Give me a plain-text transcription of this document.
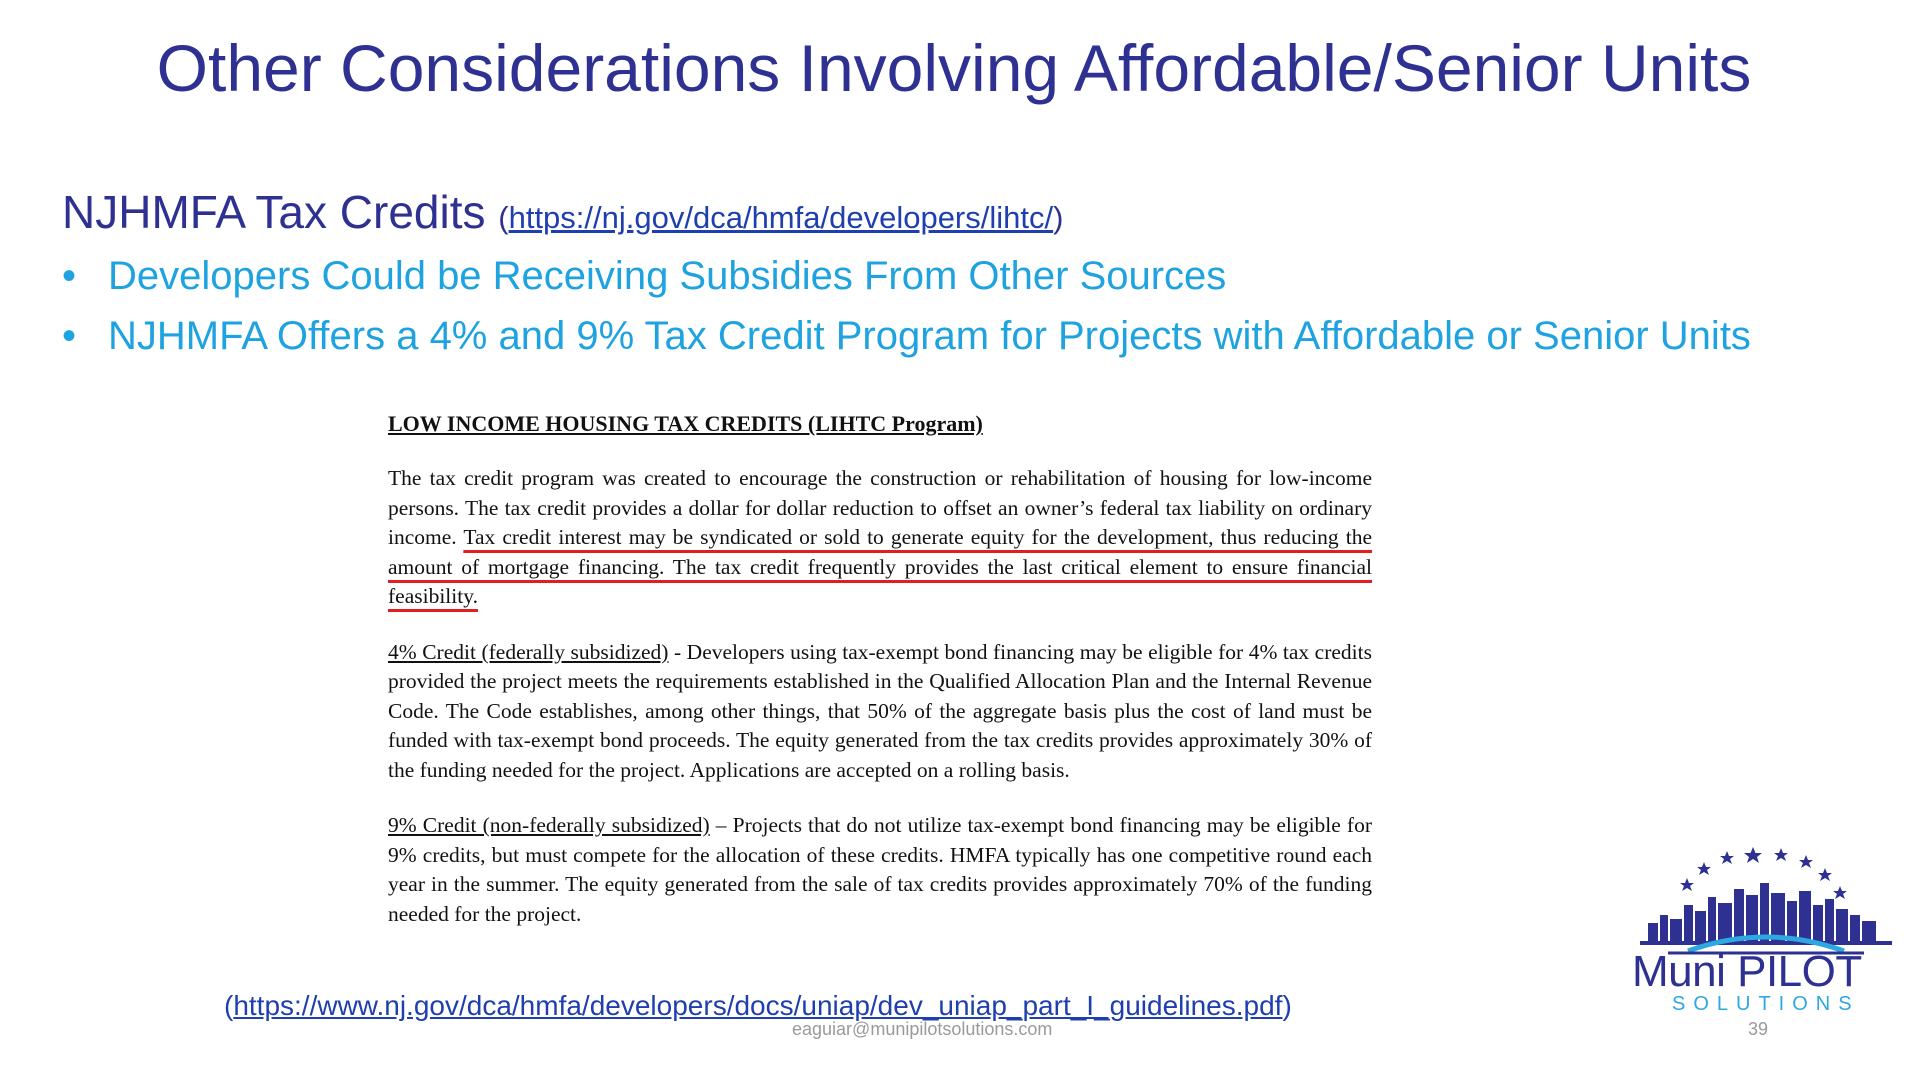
Other Considerations Involving Affordable/Senior Units
NJHMFA Tax Credits (https://nj.gov/dca/hmfa/developers/lihtc/)
• Developers Could be Receiving Subsidies From Other Sources
• NJHMFA Offers a 4% and 9% Tax Credit Program for Projects with Affordable or Senior Units
LOW INCOME HOUSING TAX CREDITS (LIHTC Program)

The tax credit program was created to encourage the construction or rehabilitation of housing for low-income persons. The tax credit provides a dollar for dollar reduction to offset an owner’s federal tax liability on ordinary income. Tax credit interest may be syndicated or sold to generate equity for the development, thus reducing the amount of mortgage financing. The tax credit frequently provides the last critical element to ensure financial feasibility.

4% Credit (federally subsidized) - Developers using tax-exempt bond financing may be eligible for 4% tax credits provided the project meets the requirements established in the Qualified Allocation Plan and the Internal Revenue Code. The Code establishes, among other things, that 50% of the aggregate basis plus the cost of land must be funded with tax-exempt bond proceeds. The equity generated from the tax credits provides approximately 30% of the funding needed for the project. Applications are accepted on a rolling basis.

9% Credit (non-federally subsidized) – Projects that do not utilize tax-exempt bond financing may be eligible for 9% credits, but must compete for the allocation of these credits. HMFA typically has one competitive round each year in the summer. The equity generated from the sale of tax credits provides approximately 70% of the funding needed for the project.

(https://www.nj.gov/dca/hmfa/developers/docs/uniap/dev_uniap_part_I_guidelines.pdf)
eaguiar@munipilotsolutions.com	39
Muni PILOT
SOLUTIONS
